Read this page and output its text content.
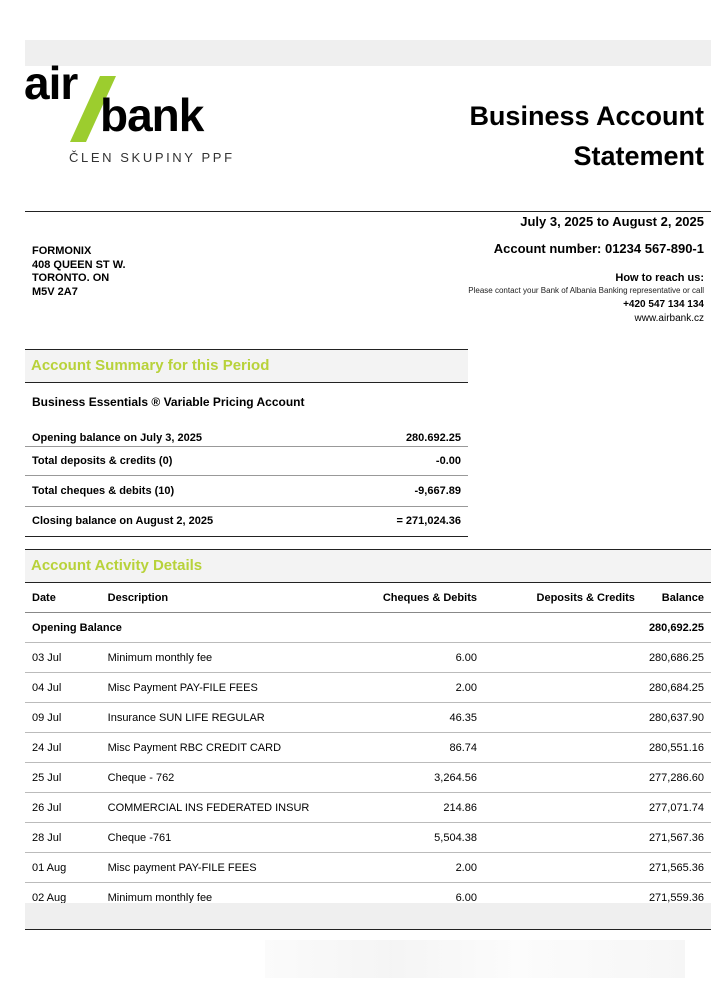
air
bank
ČLEN SKUPINY PPF
Business Account
Statement
July 3, 2025 to August 2, 2025
Account number: 01234 567-890-1
How to reach us:
Please contact your Bank of Albania Banking representative or call
+420 547 134 134
www.airbank.cz
FORMONIX
408 QUEEN ST W.
TORONTO. ON
M5V 2A7
Account Summary for this Period
Business Essentials ® Variable Pricing Account
Opening balance on July 3, 2025	280.692.25
Total deposits & credits (0)	-0.00
Total cheques & debits (10)	-9,667.89
Closing balance on August 2, 2025	= 271,024.36
Account Activity Details
Date	Description	Cheques & Debits	Deposits & Credits	Balance
Opening Balance				280,692.25
03 Jul	Minimum monthly fee	6.00		280,686.25
04 Jul	Misc Payment PAY-FILE FEES	2.00		280,684.25
09 Jul	Insurance SUN LIFE REGULAR	46.35		280,637.90
24 Jul	Misc Payment RBC CREDIT CARD	86.74		280,551.16
25 Jul	Cheque - 762	3,264.56		277,286.60
26 Jul	COMMERCIAL INS FEDERATED INSUR	214.86		277,071.74
28 Jul	Cheque -761	5,504.38		271,567.36
01 Aug	Misc payment PAY-FILE FEES	2.00		271,565.36
02 Aug	Minimum monthly fee	6.00		271,559.36
